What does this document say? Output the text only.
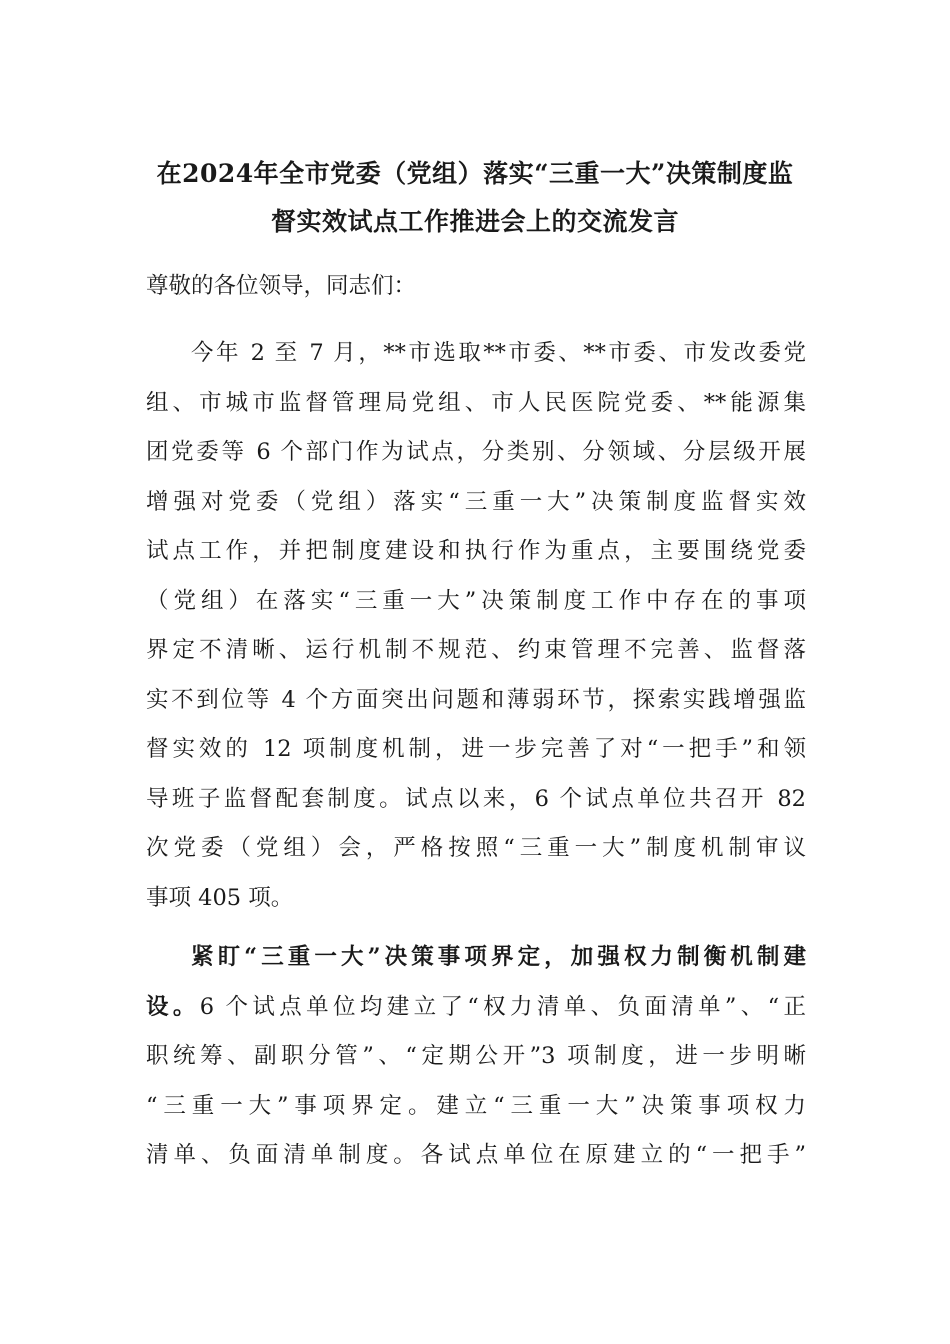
在2024年全市党委（党组）落实“三重一大”决策制度监
督实效试点工作推进会上的交流发言

尊敬的各位领导，同志们：

今年 2 至 7 月，**市选取**市委、**市委、市发改委党
组、市城市监督管理局党组、市人民医院党委、**能源集
团党委等 6 个部门作为试点，分类别、分领域、分层级开展
增强对党委（党组）落实“三重一大”决策制度监督实效
试点工作，并把制度建设和执行作为重点，主要围绕党委
（党组）在落实“三重一大”决策制度工作中存在的事项
界定不清晰、运行机制不规范、约束管理不完善、监督落
实不到位等 4 个方面突出问题和薄弱环节，探索实践增强监
督实效的 12 项制度机制，进一步完善了对“一把手”和领
导班子监督配套制度。试点以来，6 个试点单位共召开 82
次党委（党组）会，严格按照“三重一大”制度机制审议
事项 405 项。

紧盯“三重一大”决策事项界定，加强权力制衡机制建
设。6 个试点单位均建立了“权力清单、负面清单”、“正
职统筹、副职分管”、“定期公开”3 项制度，进一步明晰
“三重一大”事项界定。建立“三重一大”决策事项权力
清单、负面清单制度。各试点单位在原建立的“一把手”
